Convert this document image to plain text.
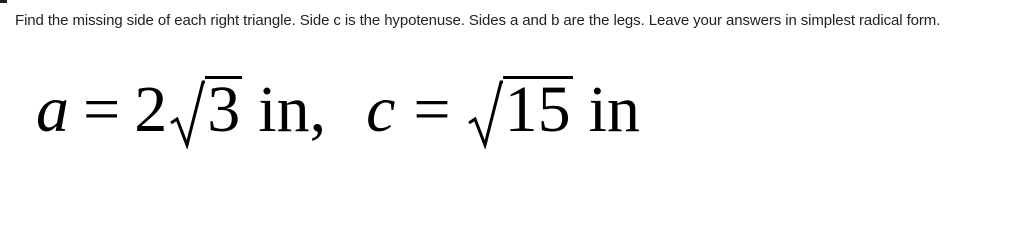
Find the missing side of each right triangle. Side c is the hypotenuse. Sides a and b are the legs. Leave your answers in simplest radical form.
a = 2 3 in , c = 15 in
